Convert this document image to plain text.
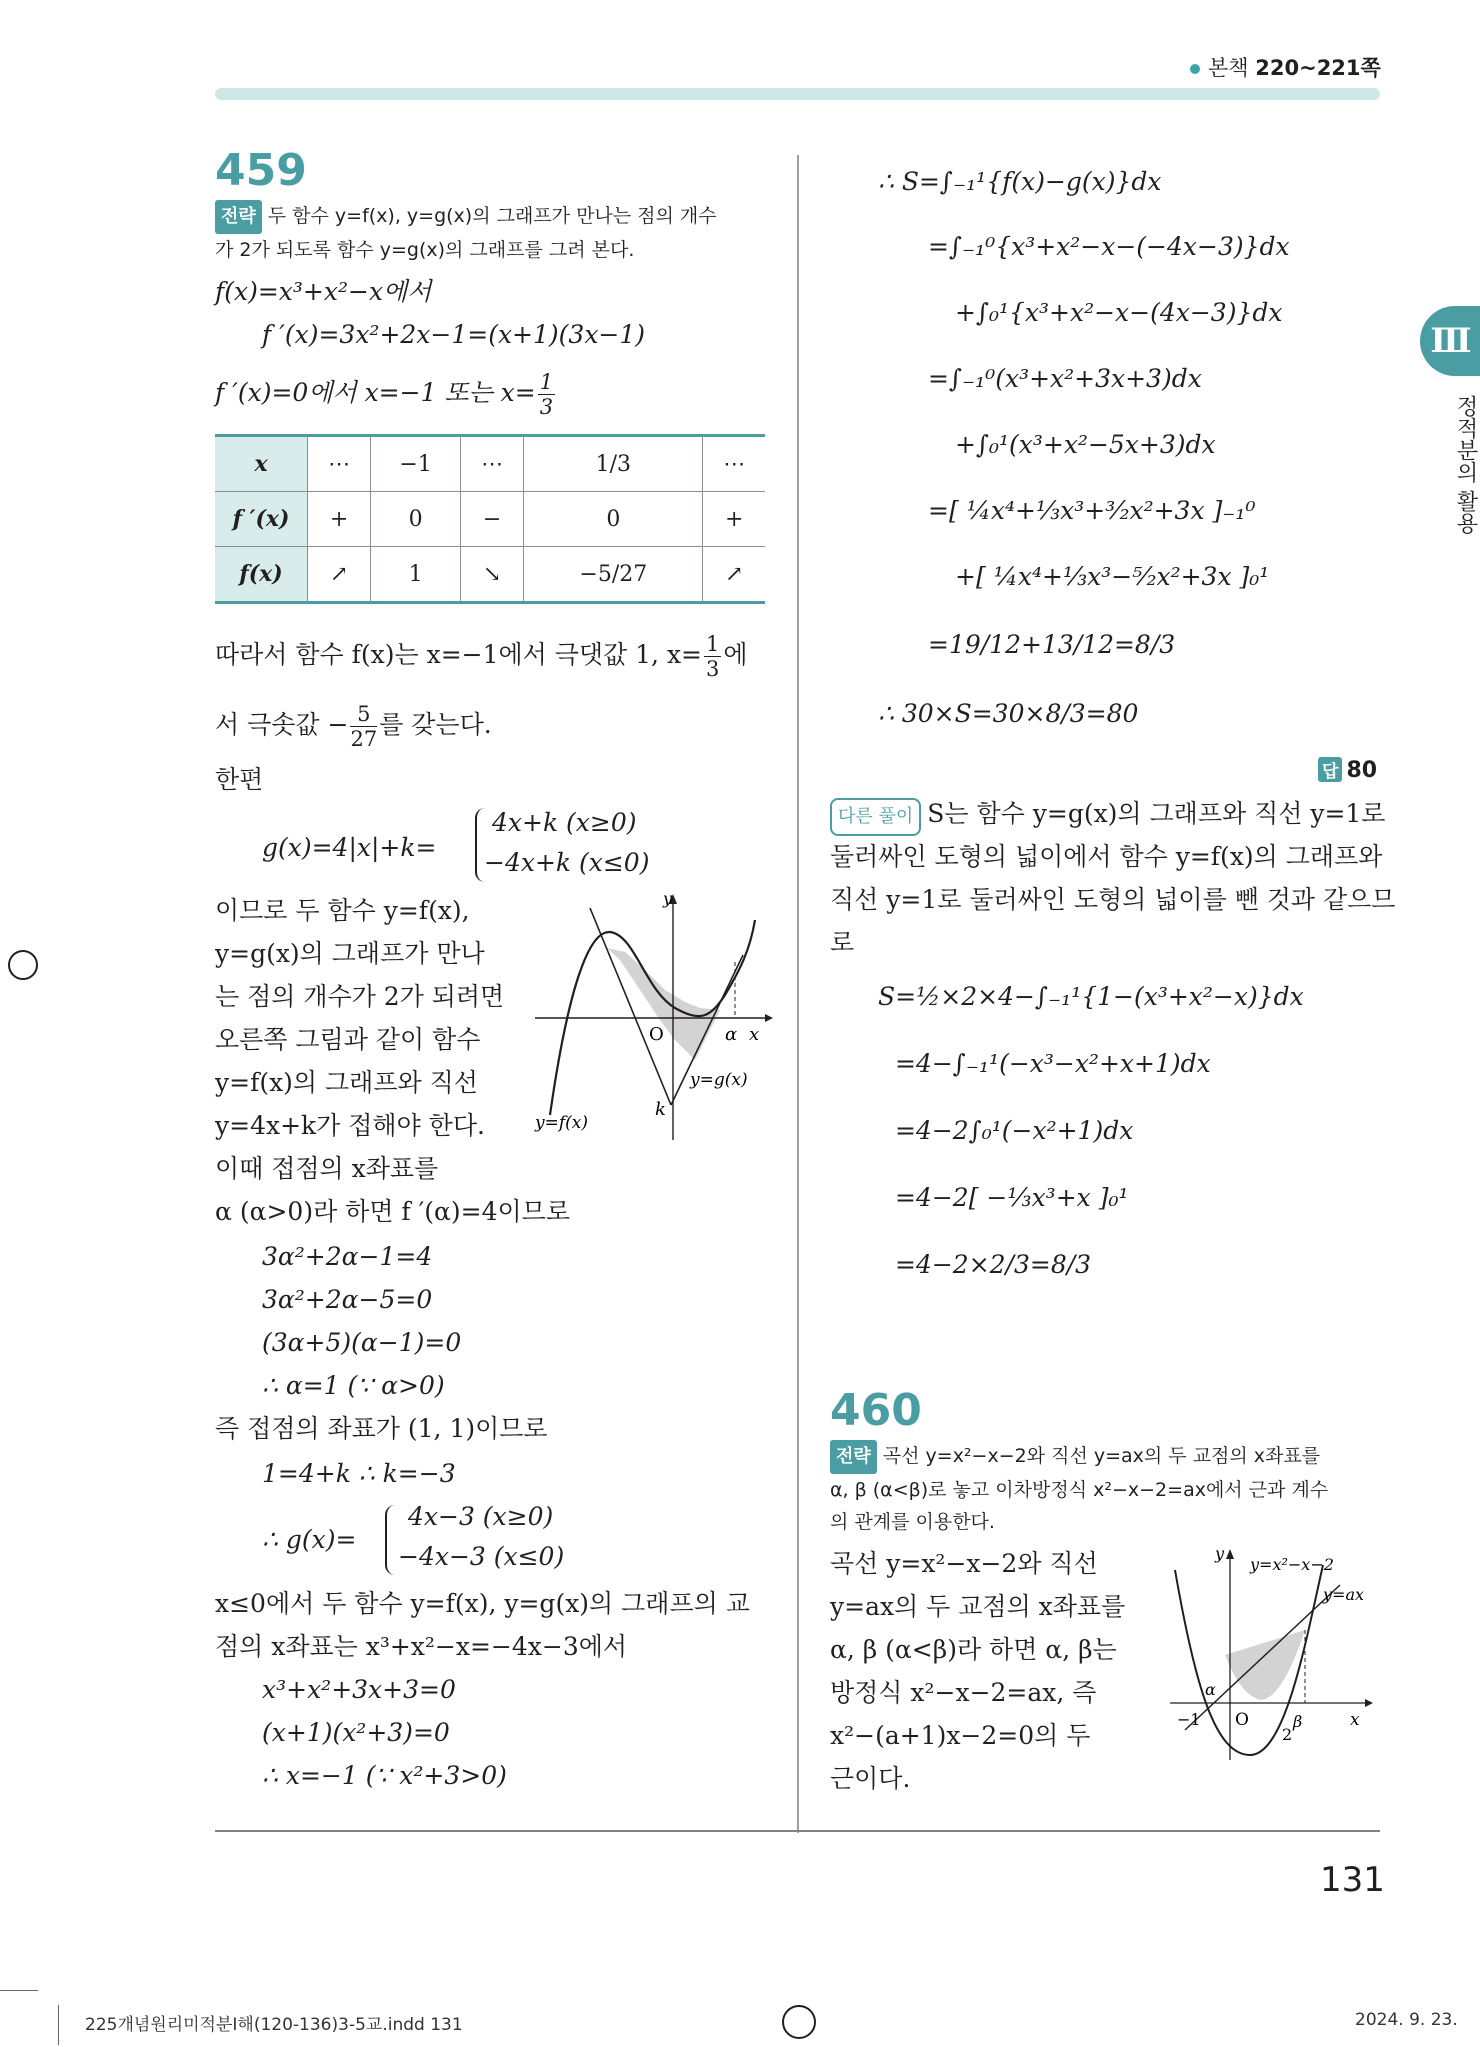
본책 220~221쪽
Ⅲ
정적분의 활용
459
전략 두 함수 y=f(x), y=g(x)의 그래프가 만나는 점의 개수
가 2가 되도록 함수 y=g(x)의 그래프를 그려 본다.
f(x)=x³+x²−x에서
f ′(x)=3x²+2x−1=(x+1)(3x−1)
f ′(x)=0에서 x=−1 또는 $x= \frac{1}{3}$
x	⋯	−1	⋯	1/3	⋯
f ′(x)	+	0	−	0	+
f(x)	↗	1	↘	−5/27	↗
따라서 함수 f(x)는 x=−1에서 극댓값 1, $x= \frac{1}{3}$ 에
서 극솟값 − $\frac{5}{27}$ 를 갖는다.
한편
g(x)=4|x|+k=
4x+k (x≥0)
−4x+k (x≤0)
이므로 두 함수 y=f(x),
y=g(x)의 그래프가 만나
는 점의 개수가 2가 되려면
오른쪽 그림과 같이 함수
y=f(x)의 그래프와 직선
y=4x+k가 접해야 한다.
이때 접점의 x좌표를
α (α>0)라 하면 f ′(α)=4이므로
y
x
O	α
k
y=g(x)
y=f(x)
3α²+2α−1=4
3α²+2α−5=0
(3α+5)(α−1)=0
∴ α=1 (∵ α>0)
즉 접점의 좌표가 (1, 1)이므로
1=4+k ∴ k=−3
∴ g(x)=
4x−3 (x≥0)
−4x−3 (x≤0)
x≤0에서 두 함수 y=f(x), y=g(x)의 그래프의 교
점의 x좌표는 x³+x²−x=−4x−3에서
x³+x²+3x+3=0
(x+1)(x²+3)=0
∴ x=−1 (∵ x²+3>0)
∴ S=∫₋₁¹{f(x)−g(x)}dx
=∫₋₁⁰{x³+x²−x−(−4x−3)}dx
+∫₀¹{x³+x²−x−(4x−3)}dx
=∫₋₁⁰(x³+x²+3x+3)dx
+∫₀¹(x³+x²−5x+3)dx
=[ ¼x⁴+⅓x³+³⁄₂x²+3x ]₋₁⁰
+[ ¼x⁴+⅓x³−⁵⁄₂x²+3x ]₀¹
=19/12+13/12=8/3
∴ 30×S=30×8/3=80
답 80
다른 풀이 S는 함수 y=g(x)의 그래프와 직선 y=1로
둘러싸인 도형의 넓이에서 함수 y=f(x)의 그래프와
직선 y=1로 둘러싸인 도형의 넓이를 뺀 것과 같으므
로
S=½×2×4−∫₋₁¹{1−(x³+x²−x)}dx
=4−∫₋₁¹(−x³−x²+x+1)dx
=4−2∫₀¹(−x²+1)dx
=4−2[ −⅓x³+x ]₀¹
=4−2×2/3=8/3
460
전략 곡선 y=x²−x−2와 직선 y=ax의 두 교점의 x좌표를
α, β (α<β)로 놓고 이차방정식 x²−x−2=ax에서 근과 계수
의 관계를 이용한다.
곡선 y=x²−x−2와 직선
y=ax의 두 교점의 x좌표를
α, β (α<β)라 하면 α, β는
방정식 x²−x−2=ax, 즉
x²−(a+1)x−2=0의 두
근이다.
y
x
O
α
β
−1
2
y=x²−x−2
y=ax
131
225개념원리미적분Ⅰ해(120-136)3-5교.indd 131	2024. 9. 23.
